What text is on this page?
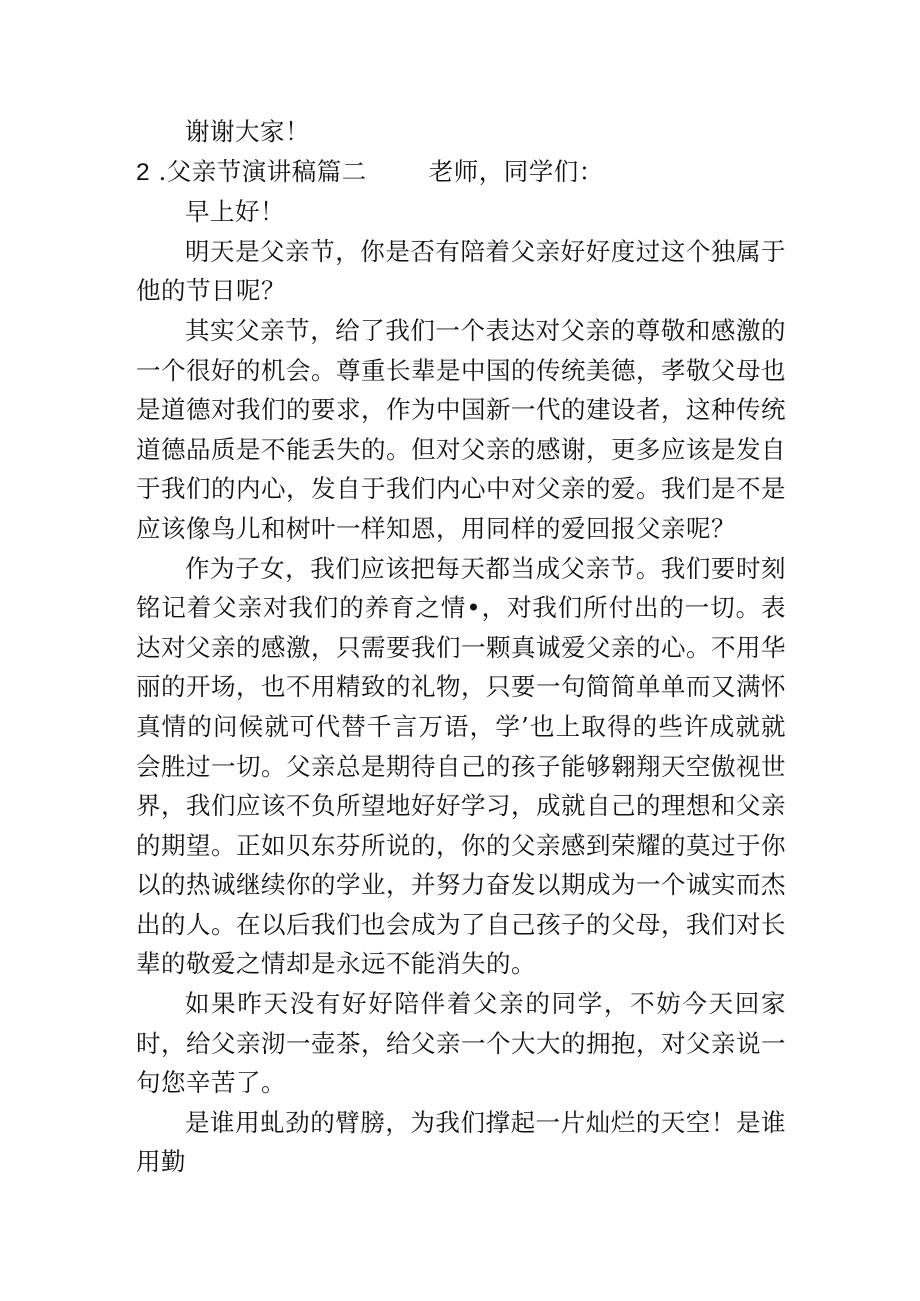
谢谢大家！

2 .父亲节演讲稿篇二	老师，同学们：

早上好！

明天是父亲节，你是否有陪着父亲好好度过这个独属于他的节日呢？

其实父亲节，给了我们一个表达对父亲的尊敬和感激的一个很好的机会。尊重长辈是中国的传统美德，孝敬父母也是道德对我们的要求，作为中国新一代的建设者，这种传统道德品质是不能丢失的。但对父亲的感谢，更多应该是发自于我们的内心，发自于我们内心中对父亲的爱。我们是不是应该像鸟儿和树叶一样知恩，用同样的爱回报父亲呢？

作为子女，我们应该把每天都当成父亲节。我们要时刻铭记着父亲对我们的养育之情•，对我们所付出的一切。表达对父亲的感激，只需要我们一颗真诚爱父亲的心。不用华丽的开场，也不用精致的礼物，只要一句简简单单而又满怀真情的问候就可代替千言万语，学’也上取得的些许成就就会胜过一切。父亲总是期待自己的孩子能够翱翔天空傲视世界，我们应该不负所望地好好学习，成就自己的理想和父亲的期望。正如贝东芬所说的，你的父亲感到荣耀的莫过于你以的热诚继续你的学业，并努力奋发以期成为一个诚实而杰出的人。在以后我们也会成为了自己孩子的父母，我们对长辈的敬爱之情却是永远不能消失的。

如果昨天没有好好陪伴着父亲的同学，不妨今天回家时，给父亲沏一壶茶，给父亲一个大大的拥抱，对父亲说一句您辛苦了。

是谁用虬劲的臂膀，为我们撑起一片灿烂的天空！是谁用勤
